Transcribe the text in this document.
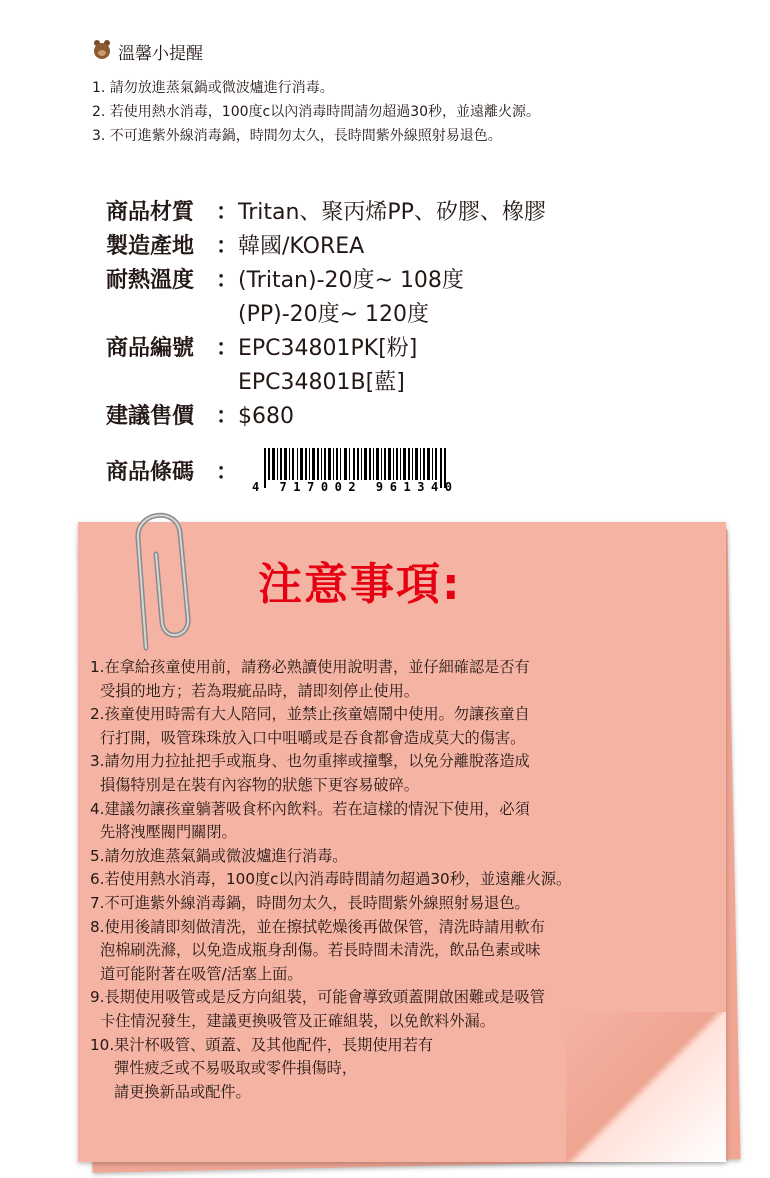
溫馨小提醒
1. 請勿放進蒸氣鍋或微波爐進行消毒。
2. 若使用熱水消毒，100度c以內消毒時間請勿超過30秒，並遠離火源。
3. 不可進紫外線消毒鍋，時間勿太久，長時間紫外線照射易退色。
商品材質 ： Tritan、聚丙烯PP、矽膠、橡膠
製造產地 ： 韓國/KOREA
耐熱溫度 ： (Tritan)-20度~ 108度
(PP)-20度~ 120度
商品編號 ： EPC34801PK[粉]
EPC34801B[藍]
建議售價 ： $680
商品條碼 ：
4 717002 961340
注意事項:
1.在拿給孩童使用前，請務必熟讀使用說明書，並仔細確認是否有
受損的地方；若為瑕疵品時，請即刻停止使用。
2.孩童使用時需有大人陪同，並禁止孩童嬉鬧中使用。勿讓孩童自
行打開，吸管珠珠放入口中咀嚼或是吞食都會造成莫大的傷害。
3.請勿用力拉扯把手或瓶身、也勿重摔或撞擊，以免分離脫落造成
損傷特別是在裝有內容物的狀態下更容易破碎。
4.建議勿讓孩童躺著吸食杯內飲料。若在這樣的情況下使用，必須
先將洩壓閥門關閉。
5.請勿放進蒸氣鍋或微波爐進行消毒。
6.若使用熱水消毒，100度c以內消毒時間請勿超過30秒，並遠離火源。
7.不可進紫外線消毒鍋，時間勿太久，長時間紫外線照射易退色。
8.使用後請即刻做清洗，並在擦拭乾燥後再做保管，清洗時請用軟布
泡棉刷洗滌，以免造成瓶身刮傷。若長時間未清洗，飲品色素或味
道可能附著在吸管/活塞上面。
9.長期使用吸管或是反方向組裝，可能會導致頭蓋開啟困難或是吸管
卡住情況發生，建議更換吸管及正確組裝，以免飲料外漏。
10.果汁杯吸管、頭蓋、及其他配件，長期使用若有
彈性疲乏或不易吸取或零件損傷時，
請更換新品或配件。
